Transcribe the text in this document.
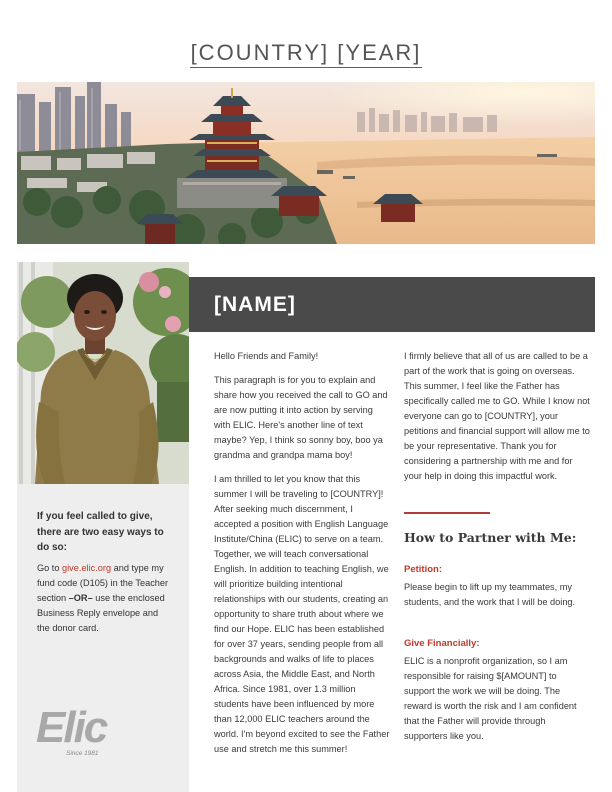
[COUNTRY] [YEAR]
If you feel called to give, there are two easy ways to do so:
Go to give.elic.org and type my fund code (D105) in the Teacher section –OR– use the enclosed Business Reply envelope and the donor card.
Elic
Since 1981
[NAME]

Hello Friends and Family!

This paragraph is for you to explain and share how you received the call to GO and are now putting it into action by serving with ELIC. Here's another line of text maybe? Yep, I think so sonny boy, boo ya grandma and grandpa mama boy!

I am thrilled to let you know that this summer I will be traveling to [COUNTRY]! After seeking much discernment, I accepted a position with English Language Institute/China (ELIC) to serve on a team. Together, we will teach conversational English. In addition to teaching English, we will prioritize building intentional relationships with our students, creating an opportunity to share truth about where we find our Hope. ELIC has been established for over 37 years, sending people from all backgrounds and walks of life to places across Asia, the Middle East, and North Africa. Since 1981, over 1.3 million students have been influenced by more than 12,000 ELIC teachers around the world. I'm beyond excited to see the Father use and stretch me this summer!

I firmly believe that all of us are called to be a part of the work that is going on overseas. This summer, I feel like the Father has specifically called me to GO. While I know not everyone can go to [COUNTRY], your petitions and financial support will allow me to be your representative. Thank you for considering a partnership with me and for your help in doing this impactful work.

How to Partner with Me:
Petition:
Please begin to lift up my teammates, my students, and the work that I will be doing.
Give Financially:
ELIC is a nonprofit organization, so I am responsible for raising $[AMOUNT] to support the work we will be doing. The reward is worth the risk and I am confident that the Father will provide through supporters like you.
